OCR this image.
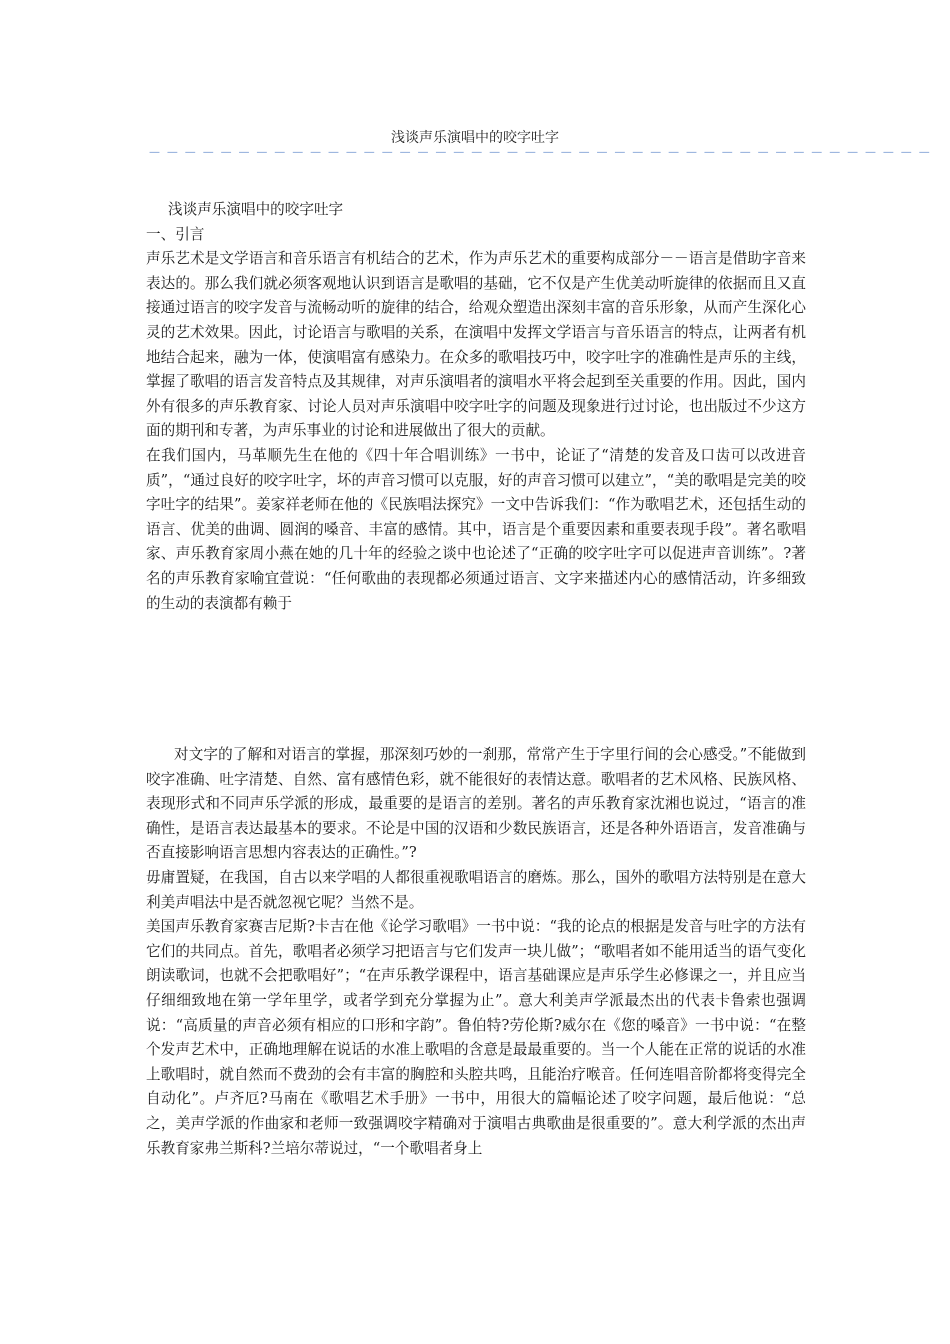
浅谈声乐演唱中的咬字吐字
－－－－－－－－－－－－－－－－－－－－－－－－－－－－－－－－－－－－－－－－－－－－

浅谈声乐演唱中的咬字吐字

一、引言

声乐艺术是文学语言和音乐语言有机结合的艺术，作为声乐艺术的重要构成部分－－语言是借助字音来表达的。那么我们就必须客观地认识到语言是歌唱的基础，它不仅是产生优美动听旋律的依据而且又直接通过语言的咬字发音与流畅动听的旋律的结合，给观众塑造出深刻丰富的音乐形象，从而产生深化心灵的艺术效果。因此，讨论语言与歌唱的关系，在演唱中发挥文学语言与音乐语言的特点，让两者有机地结合起来，融为一体，使演唱富有感染力。在众多的歌唱技巧中，咬字吐字的准确性是声乐的主线，掌握了歌唱的语言发音特点及其规律，对声乐演唱者的演唱水平将会起到至关重要的作用。因此，国内外有很多的声乐教育家、讨论人员对声乐演唱中咬字吐字的问题及现象进行过讨论，也出版过不少这方面的期刊和专著，为声乐事业的讨论和进展做出了很大的贡献。

在我们国内，马革顺先生在他的《四十年合唱训练》一书中，论证了“清楚的发音及口齿可以改进音质”，“通过良好的咬字吐字，坏的声音习惯可以克服，好的声音习惯可以建立”，“美的歌唱是完美的咬字吐字的结果”。姜家祥老师在他的《民族唱法探究》一文中告诉我们：“作为歌唱艺术，还包括生动的语言、优美的曲调、圆润的嗓音、丰富的感情。其中，语言是个重要因素和重要表现手段”。著名歌唱家、声乐教育家周小燕在她的几十年的经验之谈中也论述了“正确的咬字吐字可以促进声音训练”。?著名的声乐教育家喻宜萱说：“任何歌曲的表现都必须通过语言、文字来描述内心的感情活动，许多细致的生动的表演都有赖于

对文字的了解和对语言的掌握，那深刻巧妙的一刹那，常常产生于字里行间的会心感受。”不能做到咬字准确、吐字清楚、自然、富有感情色彩，就不能很好的表情达意。歌唱者的艺术风格、民族风格、表现形式和不同声乐学派的形成，最重要的是语言的差别。著名的声乐教育家沈湘也说过，“语言的准确性，是语言表达最基本的要求。不论是中国的汉语和少数民族语言，还是各种外语语言，发音准确与否直接影响语言思想内容表达的正确性。”?

毋庸置疑，在我国，自古以来学唱的人都很重视歌唱语言的磨炼。那么，国外的歌唱方法特别是在意大利美声唱法中是否就忽视它呢？当然不是。

美国声乐教育家赛吉尼斯?卡吉在他《论学习歌唱》一书中说：“我的论点的根据是发音与吐字的方法有它们的共同点。首先，歌唱者必须学习把语言与它们发声一块儿做”；“歌唱者如不能用适当的语气变化朗读歌词，也就不会把歌唱好”；“在声乐教学课程中，语言基础课应是声乐学生必修课之一，并且应当仔细细致地在第一学年里学，或者学到充分掌握为止”。意大利美声学派最杰出的代表卡鲁索也强调说：“高质量的声音必须有相应的口形和字韵”。鲁伯特?劳伦斯?威尔在《您的嗓音》一书中说：“在整个发声艺术中，正确地理解在说话的水准上歌唱的含意是最最重要的。当一个人能在正常的说话的水准上歌唱时，就自然而不费劲的会有丰富的胸腔和头腔共鸣，且能治疗喉音。任何连唱音阶都将变得完全自动化”。卢齐厄?马南在《歌唱艺术手册》一书中，用很大的篇幅论述了咬字问题，最后他说：“总之，美声学派的作曲家和老师一致强调咬字精确对于演唱古典歌曲是很重要的”。意大利学派的杰出声乐教育家弗兰斯科?兰培尔蒂说过，“一个歌唱者身上
